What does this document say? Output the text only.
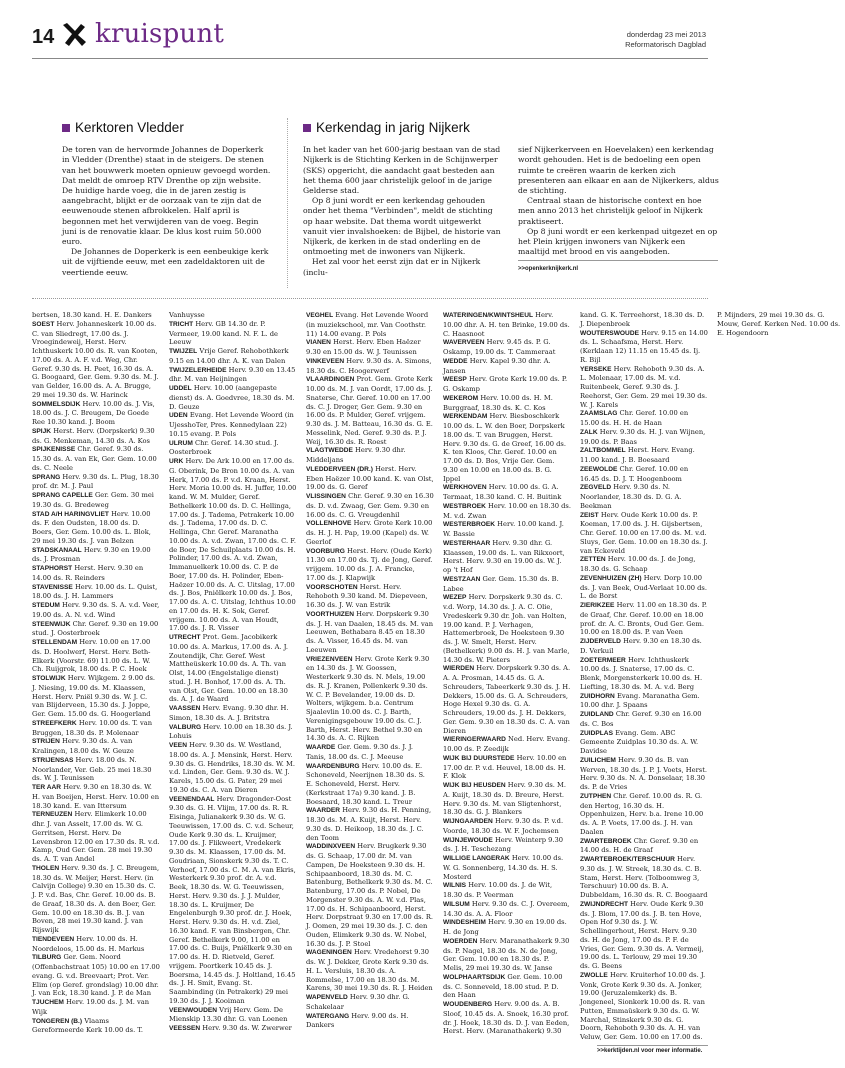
14 kruispunt	donderdag 23 mei 2013
Reformatorisch Dagblad
Kerktoren Vledder

De toren van de hervormde Johannes de Doperkerk in Vledder (Drenthe) staat in de steigers. De stenen van het bouwwerk moeten opnieuw gevoegd worden. Dat meldt de omroep RTV Drenthe op zijn website. De huidige harde voeg, die in de jaren zestig is aangebracht, blijkt er de oorzaak van te zijn dat de eeuwenoude stenen afbrokkelen. Half april is begonnen met het verwijderen van de voeg. Begin juni is de renovatie klaar. De klus kost ruim 50.000 euro.

De Johannes de Doperkerk is een eenbeukige kerk uit de vijftiende eeuw, met een zadeldaktoren uit de veertiende eeuw.

Kerkendag in jarig Nijkerk

In het kader van het 600-jarig bestaan van de stad Nijkerk is de Stichting Kerken in de Schijnwerper (SKS) opgericht, die aandacht gaat besteden aan het thema 600 jaar christelijk geloof in de jarige Gelderse stad.

Op 8 juni wordt er een kerkendag gehouden onder het thema "Verbinden", meldt de stichting op haar website. Dat thema wordt uitgewerkt vanuit vier invalshoeken: de Bijbel, de historie van Nijkerk, de kerken in de stad onderling en de ontmoeting met de inwoners van Nijkerk.

Het zal voor het eerst zijn dat er in Nijkerk (inclu-

sief Nijkerkerveen en Hoevelaken) een kerkendag wordt gehouden. Het is de bedoeling een open ruimte te creëren waarin de kerken zich presenteren aan elkaar en aan de Nijkerkers, aldus de stichting.

Centraal staan de historische context en hoe men anno 2013 het christelijk geloof in Nijkerk praktiseert.

Op 8 juni wordt er een kerkenpad uitgezet en op het Plein krijgen inwoners van Nijkerk een maaltijd met brood en vis aangeboden.

>>openkerknijkerk.nl

bertsen, 18.30 kand. H. E. Dankers

SOEST Herv. Johanneskerk 10.00 ds. C. van Sliedregt, 17.00 ds. J. Vroegindeweij, Herst. Herv. Ichthuskerk 10.00 ds. R. van Kooten, 17.00 ds. A. A. F. v.d. Weg, Chr. Geref. 9.30 ds. H. Peet, 16.30 ds. A. G. Boogaard, Ger. Gem. 9.30 ds. M. J. van Gelder, 16.00 ds. A. A. Brugge, 29 mei 19.30 ds. W. Harinck

SOMMELSDIJK Herv. 10.00 ds. J. Vis, 18.00 ds. J. C. Breugem, De Goede Ree 10.30 kand. J. Boom

SPIJK Herst. Herv. (Dorpskerk) 9.30 ds. G. Menkeman, 14.30 ds. A. Kos

SPIJKENISSE Chr. Geref. 9.30 ds. 15.30 ds. A. van Ek, Ger. Gem. 10.00 ds. C. Neele

SPRANG Herv. 9.30 ds. L. Plug, 18.30 prof. dr. M. J. Paul

SPRANG CAPELLE Ger. Gem. 30 mei 19.30 ds. G. Bredeweg

STAD A/H HARINGVLIET Herv. 10.00 ds. F. den Oudsten, 18.00 ds. D. Boers, Ger. Gem. 10.00 ds. L. Blok, 29 mei 19.30 ds. J. van Belzen

STADSKANAAL Herv. 9.30 en 19.00 ds. J. Prosman

STAPHORST Herst. Herv. 9.30 en 14.00 ds. R. Reinders

STAVENISSE Herv. 10.00 ds. L. Quist, 18.00 ds. J. H. Lammers

STEDUM Herv. 9.30 ds. S. A. v.d. Veer, 19.00 ds. A. N. v.d. Wind

STEENWIJK Chr. Geref. 9.30 en 19.00 stud. J. Oosterbroek

STELLENDAM Herv. 10.00 en 17.00 ds. D. Hoolwerf, Herst. Herv. Beth-Elkerk (Voorstr. 69) 11.00 ds. L. W. Ch. Ruijgrok, 18.00 ds. P. C. Hoek

STOLWIJK Herv. Wijkgem. 2 9.00 ds. J. Niesing, 19.00 ds. M. Klaassen, Herst. Herv. Pniël 9.30 ds. W. J. C. van Blijderveen, 15.30 ds. J. Joppe, Ger. Gem. 15.00 ds. G. Hoogerland

STREEFKERK Herv. 10.00 ds. T. van Bruggen, 18.30 ds. P. Molenaar

STRIJEN Herv. 9.30 ds. A. van Kralingen, 18.00 ds. W. Geuze

STRIJENSAS Herv. 18.00 ds. N. Noorlander, Ver. Geb. 25 mei 18.30 ds. W. J. Teunissen

TER AAR Herv. 9.30 en 18.30 ds. W. H. van Boeijen, Herst. Herv. 10.00 en 18.30 kand. E. van Ittersum

TERNEUZEN Herv. Elimkerk 10.00 dhr. J. van Asselt, 17.00 ds. W. G. Gerritsen, Herst. Herv. De Levensbron 12.00 en 17.30 ds. R. v.d. Kamp, Oud Ger. Gem. 28 mei 19.30 ds. A. T. van Andel

THOLEN Herv. 9.30 ds. J. C. Breugem, 18.30 ds. W. Meijer, Herst. Herv. (in Calvijn College) 9.30 en 15.30 ds. C. J. P. v.d. Bas, Chr. Geref. 10.00 ds. B. de Graaf, 18.30 ds. A. den Boer, Ger. Gem. 10.00 en 18.30 ds. B. J. van Boven, 28 mei 19.30 kand. J. van Rijswijk

TIENDEVEEN Herv. 10.00 ds. H. Noordeloos, 15.00 ds. H. Markus

TILBURG Ger. Gem. Noord (Offenbachstraat 105) 10.00 en 17.00 evang. G. v.d. Breevaart; Prot. Ver. Elim (op Geref. grondslag) 10.00 dhr. J. van Eck, 18.30 kand. J. P. de Man

TJUCHEM Herv. 19.00 ds. J. M. van Wijk

TONGEREN (B.) Vlaams Gereformeerde Kerk 10.00 ds. T. Vanhuysse

TRICHT Herv. GB 14.30 dr. P. Vermeer, 19.00 kand. N. F. L. de Leeuw

TWIJZEL Vrije Geref. Rehobothkerk 9.15 en 14.00 dhr. A. K. van Dalen

TWIJZELERHEIDE Herv. 9.30 en 13.45 dhr. M. van Heijningen

UDDEL Herv. 10.00 (aangepaste dienst) ds. A. Goedvree, 18.30 ds. M. D. Geuze

UDEN Evang. Het Levende Woord (in UjesshoTer, Pres. Kennedylaan 22) 10.15 evang. P. Pols

ULRUM Chr. Geref. 14.30 stud. J. Oosterbroek

URK Herv. De Ark 10.00 en 17.00 ds. G. Oberink, De Bron 10.00 ds. A. van Herk, 17.00 ds. P. v.d. Kraan, Herst. Herv. Moria 10.00 ds. H. Juffer, 10.00 kand. W. M. Mulder, Geref. Bethelkerk 10.00 ds. D. C. Hellinga, 17.00 ds. J. Tadema, Petrakerk 10.00 ds. J. Tadema, 17.00 ds. D. C. Hellinga, Chr. Geref. Maranatha 10.00 ds. A. v.d. Zwan, 17.00 ds. C. F. de Boer, De Schuilplaats 10.00 ds. H. Polinder, 17.00 ds. A. v.d. Zwan, Immanuelkerk 10.00 ds. C. P. de Boer, 17.00 ds. H. Polinder, Eben-Haëzer 10.00 ds. A. C. Uitslag, 17.00 ds. J. Bos, Pniëlkerk 10.00 ds. J. Bos, 17.00 ds. A. C. Uitslag, Ichthus 10.00 en 17.00 ds. H. K. Sok, Geref. vrijgem. 10.00 ds. A. van Houdt, 17.00 ds. J. R. Visser

UTRECHT Prot. Gem. Jacobikerk 10.00 ds. A. Markus, 17.00 ds. A. J. Zoutendijk, Chr. Geref. West Mattheüskerk 10.00 ds. A. Th. van Olst, 14.00 (Engelstalige dienst) stud. J. H. Bonhof, 17.00 ds. A. Th. van Olst, Ger. Gem. 10.00 en 18.30 ds. A. J. de Waard

VAASSEN Herv. Evang. 9.30 dhr. H. Simon, 18.30 ds. A. J. Britstra

VALBURG Herv. 10.00 en 18.30 ds. J. Lohuis

VEEN Herv. 9.30 ds. W. Westland, 18.00 ds. A. J. Mensink, Herst. Herv. 9.30 ds. G. Hendriks, 18.30 ds. W. M. v.d. Linden, Ger. Gem. 9.30 ds. W. J. Karels, 15.00 ds. G. Pater, 29 mei 19.30 ds. C. A. van Dieren

VEENENDAAL Herv. Dragonder-Oost 9.30 ds. G. H. Vlijm, 17.00 ds. R. R. Eisinga, Julianakerk 9.30 ds. W. G. Teeuwissen, 17.00 ds. C. v.d. Scheur, Oude Kerk 9.30 ds. L. Kruijmer, 17.00 ds. J. Flikweert, Vredekerk 9.30 ds. M. Klaassen, 17.00 ds. M. Goudriaan, Sionskerk 9.30 ds. T. C. Verhoef, 17.00 ds. C. M. A. van Ekris, Westerkerk 9.30 prof. dr. A. v.d. Beek, 18.30 ds. W. G. Teeuwissen, Herst. Herv. 9.30 ds. J. J. Mulder, 18.30 ds. L. Kruijmer, De Engelenburgh 9.30 prof. dr. J. Hoek, Herst. Herv. 9.30 ds. H. v.d. Ziel, 16.30 kand. F. van Binsbergen, Chr. Geref. Bethelkerk 9.00, 11.00 en 17.00 ds. C. Buijs, Pniëlkerk 9.30 en 17.00 ds. H. D. Rietveld, Geref. vrijgem. Poortkerk 10.45 ds. J. Boersma, 14.45 ds. J. Holtland, 16.45 ds. J. H. Smit, Evang. St. Saambinding (in Petrakerk) 29 mei 19.30 ds. J. J. Kooiman

VEENWOUDEN Vrij Herv. Gem. De Mienskip 13.30 dhr. G. van Loenen

VEESSEN Herv. 9.30 ds. W. Zwerwer

VEGHEL Evang. Het Levende Woord (in muziekschool, mr. Van Coothstr. 11) 14.00 evang. P. Pols

VIANEN Herst. Herv. Eben Haëzer 9.30 en 15.00 ds. W. J. Teunissen

VINKEVEEN Herv. 9.30 ds. A. Simons, 18.30 ds. C. Hoogerwerf

VLAARDINGEN Prot. Gem. Grote Kerk 10.00 ds. M. J. van Oordt, 17.00 ds. J. Snaterse, Chr. Geref. 10.00 en 17.00 ds. C. J. Droger, Ger. Gem. 9.30 en 16.00 ds. P. Mulder, Geref. vrijgem. 9.30 ds. J. M. Batteau, 16.30 ds. G. E. Messelink, Ned. Geref. 9.30 ds. P. J. Weij, 16.30 ds. R. Roest

VLAGTWEDDE Herv. 9.30 dhr. Middeljans

VLEDDERVEEN (DR.) Herst. Herv. Eben Haëzer 10.00 kand. K. van Olst, 19.00 ds. G. Geref

VLISSINGEN Chr. Geref. 9.30 en 16.30 ds. D. v.d. Zwaag, Ger. Gem. 9.30 en 16.00 ds. C. G. Vreugdenhil

VOLLENHOVE Herv. Grote Kerk 10.00 ds. H. J. H. Pap, 19.00 (Kapel) ds. W. Geerlof

VOORBURG Herst. Herv. (Oude Kerk) 11.30 en 17.00 ds. Tj. de Jong, Geref. vrijgem. 10.00 ds. J. A. Francke, 17.00 ds. J. Klapwijk

VOORSCHOTEN Herst. Herv. Rehoboth 9.30 kand. M. Diepeveen, 16.30 ds. J. W. van Estrik

VOORTHUIZEN Herv. Dorpskerk 9.30 ds. J. H. van Daalen, 18.45 ds. M. van Leeuwen, Bethabara 8.45 en 18.30 ds. A. Visser, 16.45 ds. M. van Leeuwen

VRIEZENVEEN Herv. Grote Kerk 9.30 en 14.30 ds. J. W. Goossen, Westerkerk 9.30 ds. N. Mels, 19.00 ds. R. J. Kranen, Pollenkerk 9.30 ds. W. C. P. Bevelander, 19.00 ds. D. Wolters, wijkgem. b.a. Centrum Sjaalevlin 10.00 ds. C. J. Barth, Verenigingsgebouw 19.00 ds. C. J. Barth, Herst. Herv. Bethel 9.30 en 14.30 ds. A. C. Rijken

WAARDE Ger. Gem. 9.30 ds. J. J. Tanis, 18.00 ds. C. J. Meeuse

WAARDENBURG Herv. 10.00 ds. E. Schoneveld, Neerijnen 18.30 ds. S. E. Schoneveld, Herst. Herv. (Kerkstraat 17a) 9.30 kand. J. B. Boesaard, 18.30 kand. L. Treur

WAARDER Herv. 9.30 ds. H. Penning, 18.30 ds. M. A. Kuijt, Herst. Herv. 9.30 ds. D. Heikoop, 18.30 ds. J. C. den Toom

WADDINXVEEN Herv. Brugkerk 9.30 ds. G. Schaap, 17.00 dr. M. van Campen, De Hoeksteen 9.30 ds. H. Schipaanboord, 18.30 ds. M. C. Batenburg, Bethelkerk 9.30 ds. M. C. Batenburg, 17.00 ds. P. Nobel, De Morgenster 9.30 ds. A. W. v.d. Plas, 17.00 ds. H. Schipaanboord, Herst. Herv. Dorpstraat 9.30 en 17.00 ds. R. J. Oomen, 29 mei 19.30 ds. J. C. den Ouden, Elimkerk 9.30 ds. W. Nobel, 16.30 ds. J. P. Stoel

WAGENINGEN Herv. Vredehorst 9.30 ds. W. J. Dekker, Grote Kerk 9.30 ds. H. L. Versluis, 18.30 ds. A. Rommelse, 17.00 en 18.30 ds. M. Karens, 30 mei 19.30 ds. R. J. Heiden

WAPENVELD Herv. 9.30 dhr. G. Schakelaar

WATERGANG Herv. 9.00 ds. H. Dankers

WATERINGEN/KWINTSHEUL Herv. 10.00 dhr. A. H. ten Brinke, 19.00 ds. C. Haasnoot

WAVERVEEN Herv. 9.45 ds. P. G. Oskamp, 19.00 ds. T. Cammeraat

WEDDE Herv. Kapel 9.30 dhr. A. Jansen

WEESP Herv. Grote Kerk 19.00 ds. P. G. Oskamp

WEKEROM Herv. 10.00 ds. H. M. Burggraaf, 18.30 ds. K. C. Kos

WERKENDAM Herv. Biesboschkerk 10.00 ds. L. W. den Boer, Dorpskerk 18.00 ds. T. van Bruggen, Herst. Herv. 9.30 ds. G. de Greef, 16.00 ds. K. ten Kloos, Chr. Geref. 10.00 en 17.00 ds. D. Bos, Vrije Ger. Gem. 9.30 en 10.00 en 18.00 ds. B. G. Ippel

WERKHOVEN Herv. 10.00 ds. G. A. Termaat, 18.30 kand. C. H. Buitink

WESTBROEK Herv. 10.00 en 18.30 ds. M. v.d. Zwan

WESTERBROEK Herv. 10.00 kand. J. W. Bassie

WESTERHAAR Herv. 9.30 dhr. G. Klaassen, 19.00 ds. L. van Rikxoort, Herst. Herv. 9.30 en 19.00 ds. W. J. op 't Hof

WESTZAAN Ger. Gem. 15.30 ds. B. Labee

WEZEP Herv. Dorpskerk 9.30 ds. C. v.d. Worp, 14.30 ds. J. A. C. Olie, Vredeskerk 9.30 dr. Joh. van Holten, 19.00 kand. P. J. Verhagen, Hattemerbroek, De Hoeksteen 9.30 ds. J. W. Smelt, Herst. Herv. (Bethelkerk) 9.00 ds. H. J. van Marle, 14.30 ds. W. Pieters

WIERDEN Herv. Dorpskerk 9.30 ds. A. A. A. Prosman, 14.45 ds. G. A. Schreuders, Tabeerkerk 9.30 ds. J. H. Dekkers, 15.00 ds. G. A. Schreuders, Hoge Hexel 9.30 ds. G. A. Schreuders, 19.00 ds. J. H. Dekkers, Ger. Gem. 9.30 en 18.30 ds. C. A. van Dieren

WIERINGERWAARD Ned. Herv. Evang. 10.00 ds. P. Zeedijk

WIJK BIJ DUURSTEDE Herv. 10.00 en 17.00 dr. P. v.d. Heuvel, 18.00 ds. H. F. Klok

WIJK BIJ HEUSDEN Herv. 9.30 ds. M. A. Kuijt, 18.30 ds. D. Breure, Herst. Herv. 9.30 ds. M. van Sligtenhorst, 18.30 ds. G. J. Blankers

WIJNGAARDEN Herv. 9.30 ds. P. v.d. Voorde, 18.30 ds. W. F. Jochemsen

WIJNJEWOUDE Herv. Weinterp 9.30 ds. J. H. Teschezang

WILLIGE LANGERAK Herv. 10.00 ds. W. G. Sonnenberg, 14.30 ds. H. S. Mosterd

WILNIS Herv. 10.00 ds. J. de Wit, 18.30 ds. P. Veerman

WILSUM Herv. 9.30 ds. C. J. Overeem, 14.30 ds. A. A. Floor

WINDESHEIM Herv. 9.30 en 19.00 ds. H. de Jong

WOERDEN Herv. Maranathakerk 9.30 ds. P. Nagel, 18.30 ds. N. de Jong, Ger. Gem. 10.00 en 18.30 ds. P. Melis, 29 mei 19.30 ds. W. Janse

WOLPHAARTSDIJK Ger. Gem. 10.00 ds. C. Sonneveld, 18.00 stud. P. D. den Haan

WOUDENBERG Herv. 9.00 ds. A. B. Sloof, 10.45 ds. A. Snoek, 16.30 prof. dr. J. Hoek, 18.30 ds. D. J. van Eeden, Herst. Herv. (Maranathakerk) 9.30 kand. G. K. Terreehorst, 18.30 ds. D. J. Diepenbroek

WOUTERSWOUDE Herv. 9.15 en 14.00 ds. L. Schaafsma, Herst. Herv. (Kerklaan 12) 11.15 en 15.45 ds. Ij. R. Bijl

YERSEKE Herv. Rehoboth 9.30 ds. A. L. Molenaar, 17.00 ds. M. v.d. Ruitenbeek, Geref. 9.30 ds. J. Reehorst, Ger. Gem. 29 mei 19.30 ds. W. J. Karels

ZAAMSLAG Chr. Geref. 10.00 en 15.00 ds. H. H. de Haan

ZALK Herv. 9.30 ds. H. J. van Wijnen, 19.00 ds. P. Baas

ZALTBOMMEL Herst. Herv. Evang. 11.00 kand. J. B. Boesaard

ZEEWOLDE Chr. Geref. 10.00 en 16.45 ds. D. J. T. Hoogenboom

ZEGVELD Herv. 9.30 ds. N. Noorlander, 18.30 ds. D. G. A. Beekman

ZEIST Herv. Oude Kerk 10.00 ds. P. Koeman, 17.00 ds. J. H. Gijsbertsen, Chr. Geref. 10.00 en 17.00 ds. M. v.d. Sluys, Ger. Gem. 10.00 en 18.30 ds. J. van Eckeveld

ZETTEN Herv. 10.00 ds. J. de Jong, 18.30 ds. G. Schaap

ZEVENHUIZEN (ZH) Herv. Dorp 10.00 ds. J. van Beek, Oud-Verlaat 10.00 ds. L. de Borst

ZIERIKZEE Herv. 11.00 en 18.30 ds. P. de Graaf, Chr. Geref. 10.00 en 18.00 prof. dr. A. C. Bronts, Oud Ger. Gem. 10.00 en 18.00 ds. P. van Veen

ZIJDERVELD Herv. 9.30 en 18.30 ds. D. Verkuil

ZOETERMEER Herv. Ichthuskerk 10.00 ds. J. Snaterse, 17.00 ds. C. Blenk, Morgensterkerk 10.00 ds. H. Liefting, 18.30 ds. M. A. v.d. Berg

ZUIDHORN Evang. Maranatha Gem. 10.00 dhr. J. Spaans

ZUIDLAND Chr. Geref. 9.30 en 16.00 ds. C. Bos

ZUIDPLAS Evang. Gem. ABC Gemeente Zuidplas 10.30 ds. A. W. Davidse

ZUILICHEM Herv. 9.30 ds. B. van Werven, 18.30 ds. J. P. J. Voets, Herst. Herv. 9.30 ds. N. A. Donselaar, 18.30 ds. P. de Vries

ZUTPHEN Chr. Geref. 10.00 ds. R. G. den Hertog, 16.30 ds. H. Oppenhuizen, Herv. b.a. Irene 10.00 ds. A. P. Voets, 17.00 ds. J. H. van Daalen

ZWARTEBROEK Chr. Geref. 9.30 en 14.00 ds. H. de Graaf

ZWARTEBROEK/TERSCHUUR Herv. 9.30 ds. J. W. Streek, 18.30 ds. C. B. Stam, Herst. Herv. (Tolboomweg 3, Terschuur) 10.00 ds. B. A. Dubbeldam, 16.30 ds. R. C. Boogaard

ZWIJNDRECHT Herv. Oude Kerk 9.30 ds. J. Blom, 17.00 ds. J. B. ten Hove, Open Hof 9.30 ds. J. W. Schellingerhout, Herst. Herv. 9.30 ds. H. de Jong, 17.00 ds. P. F. de Vries, Ger. Gem. 9.30 ds. A. Vermeij, 19.00 ds. L. Terlouw, 29 mei 19.30 ds. G. Beens

ZWOLLE Herv. Kruiterhof 10.00 ds. J. Vonk, Grote Kerk 9.30 ds. A. Jonker, 19.00 (Jeruzalemkerk) ds. B. Jongeneel, Sionkerk 10.00 ds. R. van Putten, Emmaüskerk 9.30 ds. G. W. Marchal, Stinskerk 9.30 ds. G. Doorn, Rehoboth 9.30 ds. A. H. van Veluw, Ger. Gem. 10.00 en 17.00 ds. P. Mijnders, 29 mei 19.30 ds. G. Mouw, Geref. Kerken Ned. 10.00 ds. E. Hogendoorn

>>kerktijden.nl voor meer informatie.
